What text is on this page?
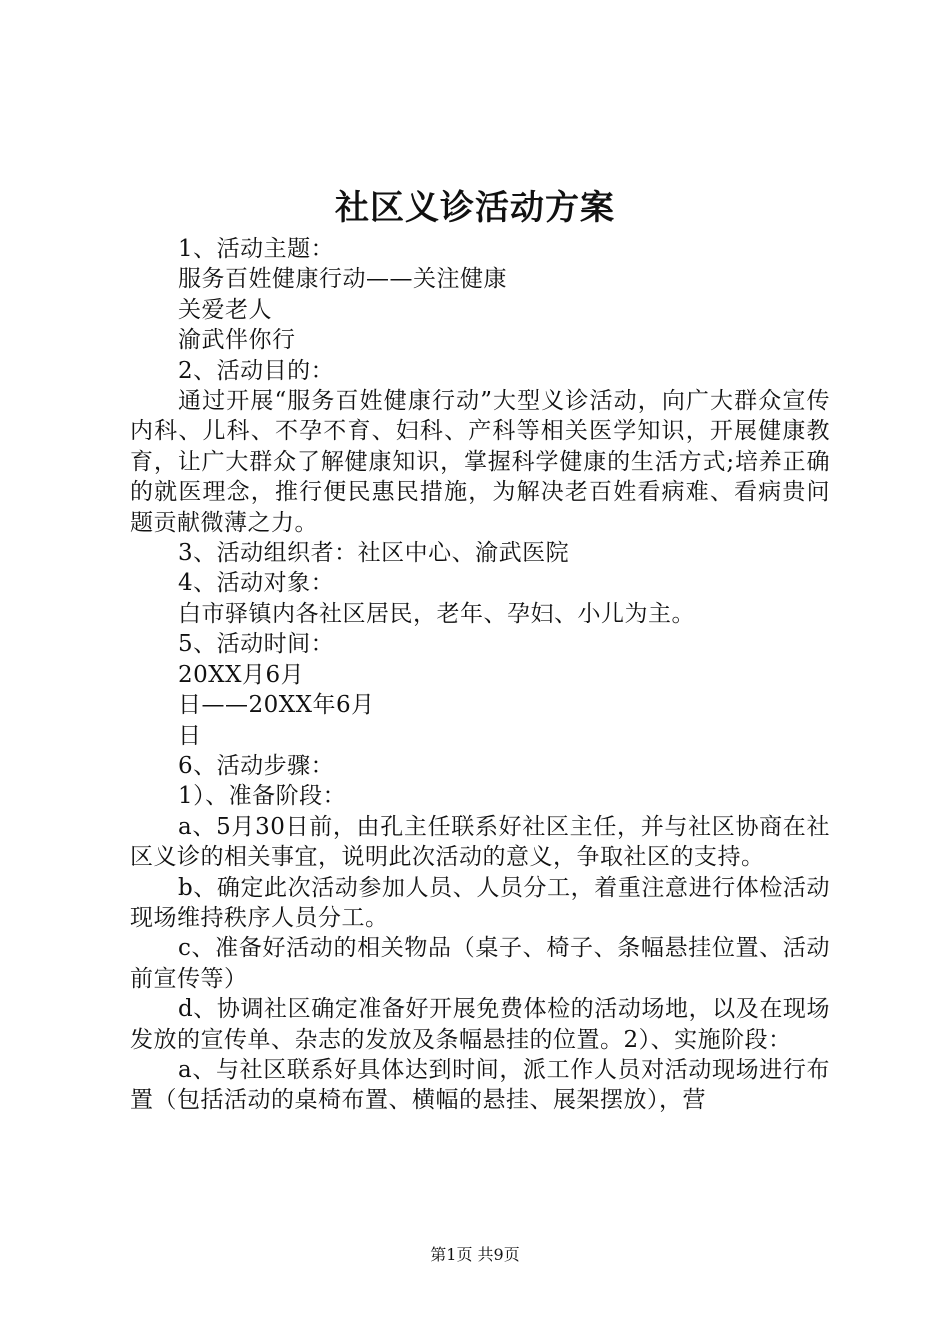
社区义诊活动方案

1、活动主题：

服务百姓健康行动——关注健康

关爱老人

渝武伴你行

2、活动目的：

通过开展“服务百姓健康行动”大型义诊活动，向广大群众宣传内科、儿科、不孕不育、妇科、产科等相关医学知识，开展健康教育，让广大群众了解健康知识，掌握科学健康的生活方式;培养正确的就医理念，推行便民惠民措施，为解决老百姓看病难、看病贵问题贡献微薄之力。

3、活动组织者：社区中心、渝武医院

4、活动对象：

白市驿镇内各社区居民，老年、孕妇、小儿为主。

5、活动时间：

20XX月6月

日——20XX年6月

日

6、活动步骤：

1）、准备阶段：

a、5月30日前，由孔主任联系好社区主任，并与社区协商在社区义诊的相关事宜，说明此次活动的意义，争取社区的支持。

b、确定此次活动参加人员、人员分工，着重注意进行体检活动现场维持秩序人员分工。

c、准备好活动的相关物品（桌子、椅子、条幅悬挂位置、活动前宣传等）

d、协调社区确定准备好开展免费体检的活动场地，以及在现场发放的宣传单、杂志的发放及条幅悬挂的位置。2）、实施阶段：

a、与社区联系好具体达到时间，派工作人员对活动现场进行布置（包括活动的桌椅布置、横幅的悬挂、展架摆放），营

第1页 共9页
